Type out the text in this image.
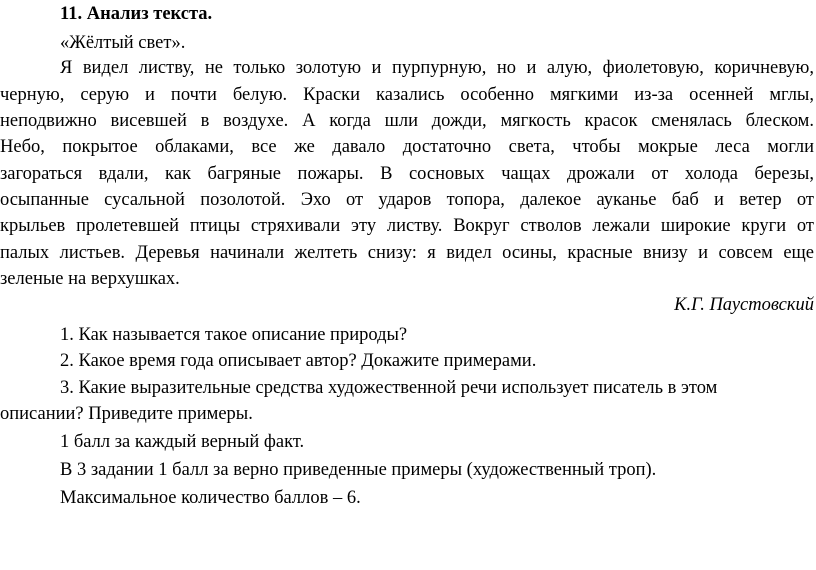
11. Анализ текста.
«Жёлтый свет».
Я видел листву, не только золотую и пурпурную, но и алую, фиолетовую, коричневую,
черную, серую и почти белую. Краски казались особенно мягкими из-за осенней мглы,
неподвижно висевшей в воздухе. А когда шли дожди, мягкость красок сменялась блеском.
Небо, покрытое облаками, все же давало достаточно света, чтобы мокрые леса могли
загораться вдали, как багряные пожары. В сосновых чащах дрожали от холода березы,
осыпанные сусальной позолотой. Эхо от ударов топора, далекое ауканье баб и ветер от
крыльев пролетевшей птицы стряхивали эту листву. Вокруг стволов лежали широкие круги от
палых листьев. Деревья начинали желтеть снизу: я видел осины, красные внизу и совсем еще
зеленые на верхушках.
К.Г. Паустовский
1. Как называется такое описание природы?
2. Какое время года описывает автор? Докажите примерами.
3. Какие выразительные средства художественной речи использует писатель в этом
описании? Приведите примеры.
1 балл за каждый верный факт.
В 3 задании 1 балл за верно приведенные примеры (художественный троп).
Максимальное количество баллов – 6.
